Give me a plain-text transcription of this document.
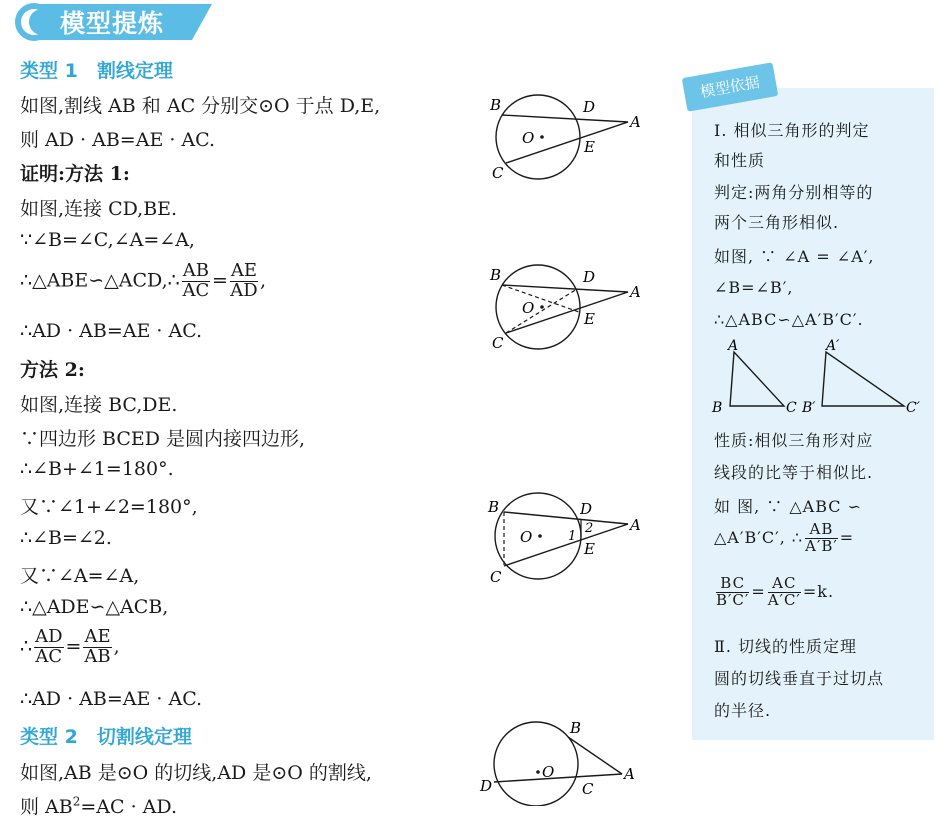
模型提炼
类型 1　割线定理
如图,割线 AB 和 AC 分别交⊙O 于点 D,E,
则 AD · AB=AE · AC.
证明:方法 1:
如图,连接 CD,BE.
∵∠B=∠C,∠A=∠A,
∴△ABE∽△ACD,∴ $\frac{AB}{AC} = \frac{AE}{AD}$ ,
∴AD · AB=AE · AC.
方法 2:
如图,连接 BC,DE.
∵四边形 BCED 是圆内接四边形,
∴∠B+∠1=180°.
又∵∠1+∠2=180°,
∴∠B=∠2.
又∵∠A=∠A,
∴△ADE∽△ACB,
∴ $\frac{AD}{AC} = \frac{AE}{AB}$ ,
∴AD · AB=AE · AC.
类型 2　切割线定理
如图,AB 是⊙O 的切线,AD 是⊙O 的割线,
则 $AB^2=AC$ · AD.
B	D
A
O	E
C
B	D
A
O
E
C
B	D
A
O	1
2
E
C
B
A
O
D	C
模型依据
Ⅰ. 相似三角形的判定
和性质
判定:两角分别相等的
两个三角形相似.
如图, ∵ ∠A = ∠A′,
∠B=∠B′,
∴△ABC∽△A′B′C′.
A
B	C
A′
B′	C′
性质:相似三角形对应
线段的比等于相似比.
如 图, ∵ △ABC ∽
△A′B′C′, ∴ $\frac{AB}{A'B'}$ =
$\frac{BC}{B'C'} = \frac{AC}{A'C'} =k$.
Ⅱ. 切线的性质定理
圆的切线垂直于过切点
的半径.
